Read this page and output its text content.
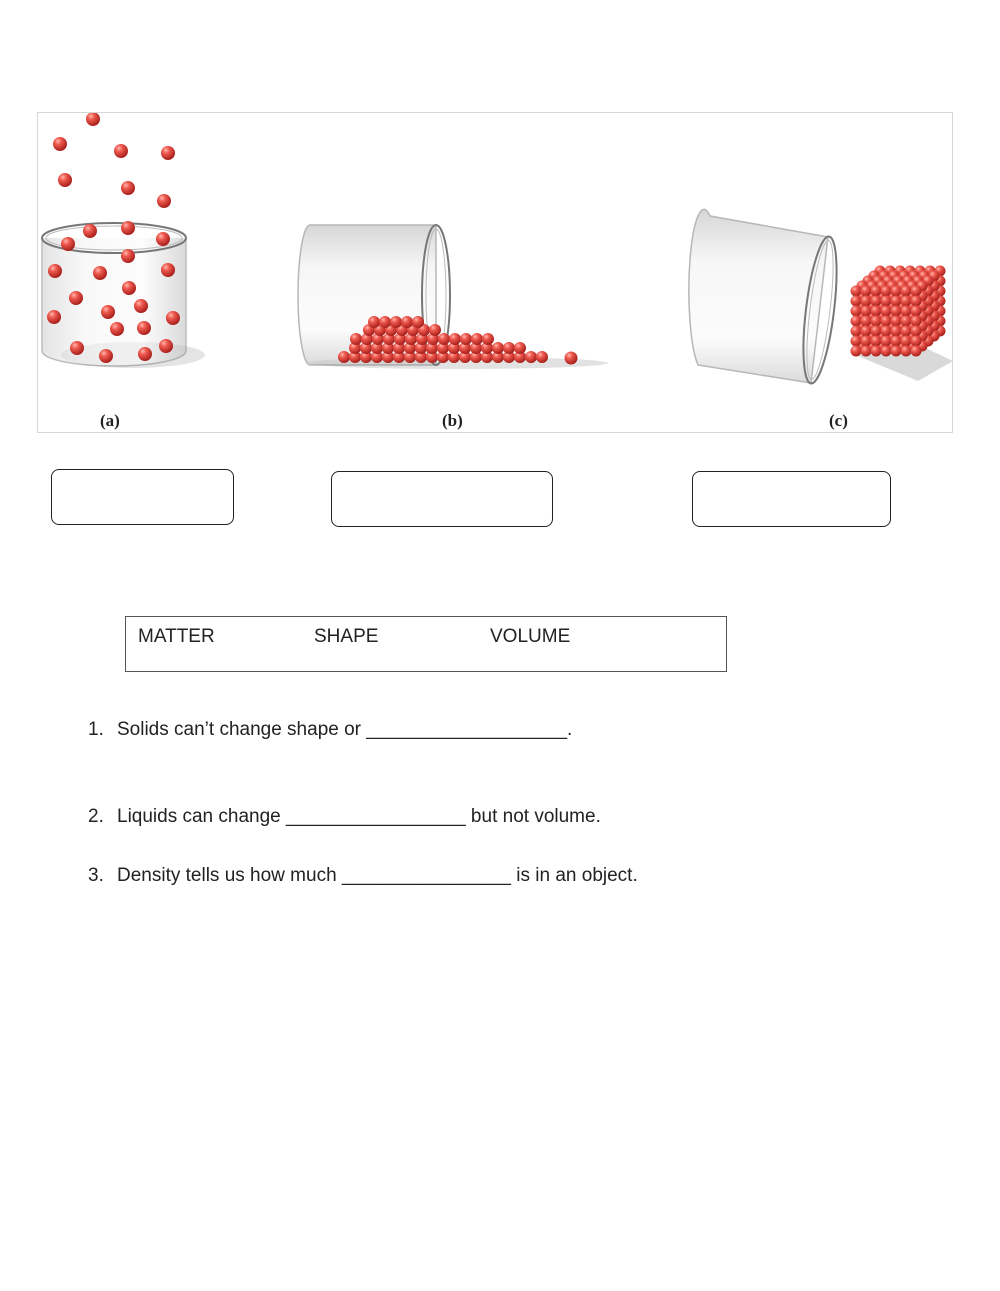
(a)	(b)	(c)
MATTER	SHAPE	VOLUME
1. Solids can’t change shape or ___________________.
2. Liquids can change _________________ but not volume.
3. Density tells us how much ________________ is in an object.
